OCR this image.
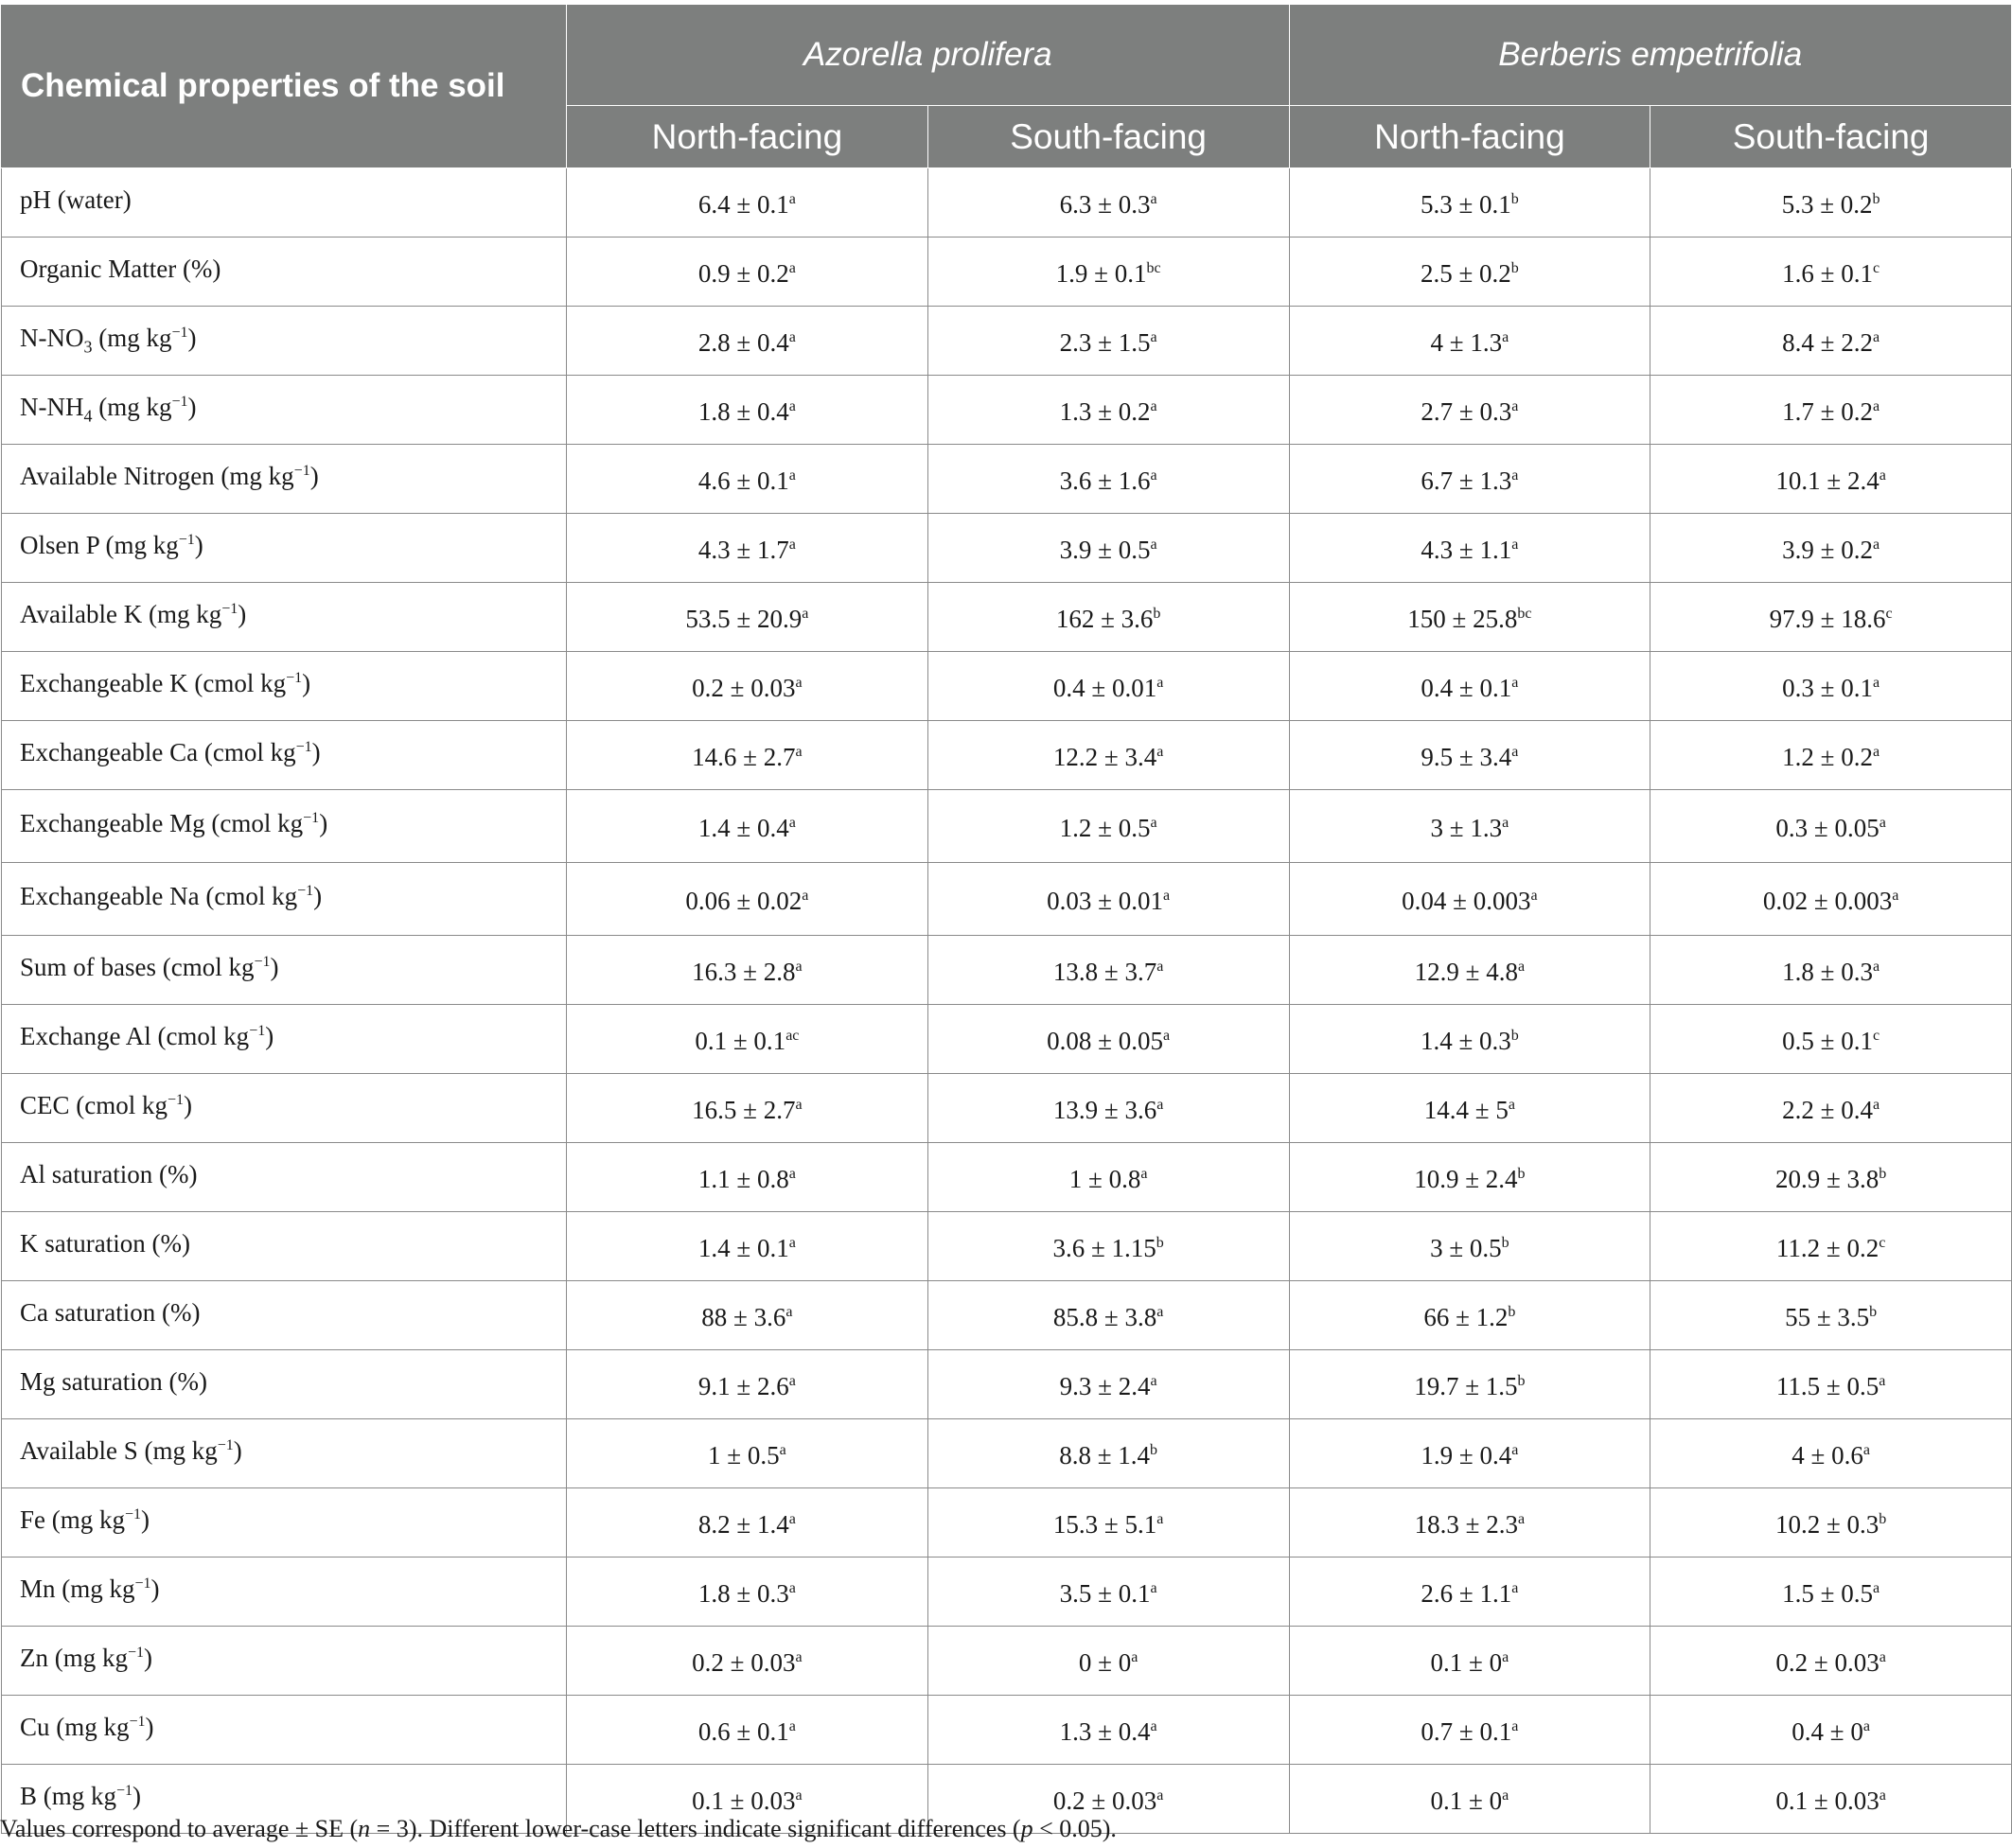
Chemical properties of the soil	Azorella prolifera		Berberis empetrifolia	
	North-facing	South-facing	North-facing	South-facing
pH (water)	6.4 ± 0.1$^a$	6.3 ± 0.3$^a$	5.3 ± 0.1$^b$	5.3 ± 0.2$^b$
Organic Matter (%)	0.9 ± 0.2$^a$	1.9 ± 0.1$^{bc}$	2.5 ± 0.2$^b$	1.6 ± 0.1$^c$
$N-NO_3$ (mg $kg^{-1}$)	2.8 ± 0.4$^a$	2.3 ± 1.5$^a$	4 ± 1.3$^a$	8.4 ± 2.2$^a$
$N-NH_4$ (mg $kg^{-1}$)	1.8 ± 0.4$^a$	1.3 ± 0.2$^a$	2.7 ± 0.3$^a$	1.7 ± 0.2$^a$
Available Nitrogen (mg $kg^{-1}$)	4.6 ± 0.1$^a$	3.6 ± 1.6$^a$	6.7 ± 1.3$^a$	10.1 ± 2.4$^a$
Olsen P (mg $kg^{-1}$)	4.3 ± 1.7$^a$	3.9 ± 0.5$^a$	4.3 ± 1.1$^a$	3.9 ± 0.2$^a$
Available K (mg $kg^{-1}$)	53.5 ± 20.9$^a$	162 ± 3.6$^b$	150 ± 25.8$^{bc}$	97.9 ± 18.6$^c$
Exchangeable K (cmol $kg^{-1}$)	0.2 ± 0.03$^a$	0.4 ± 0.01$^a$	0.4 ± 0.1$^a$	0.3 ± 0.1$^a$
Exchangeable Ca (cmol $kg^{-1}$)	14.6 ± 2.7$^a$	12.2 ± 3.4$^a$	9.5 ± 3.4$^a$	1.2 ± 0.2$^a$
Exchangeable Mg (cmol $kg^{-1}$)	1.4 ± 0.4$^a$	1.2 ± 0.5$^a$	3 ± 1.3$^a$	0.3 ± 0.05$^a$
Exchangeable Na (cmol $kg^{-1}$)	0.06 ± 0.02$^a$	0.03 ± 0.01$^a$	0.04 ± 0.003$^a$	0.02 ± 0.003$^a$
Sum of bases (cmol $kg^{-1}$)	16.3 ± 2.8$^a$	13.8 ± 3.7$^a$	12.9 ± 4.8$^a$	1.8 ± 0.3$^a$
Exchange Al (cmol $kg^{-1}$)	0.1 ± 0.1$^{ac}$	0.08 ± 0.05$^a$	1.4 ± 0.3$^b$	0.5 ± 0.1$^c$
CEC (cmol $kg^{-1}$)	16.5 ± 2.7$^a$	13.9 ± 3.6$^a$	$14.4 \pm 5^a$	2.2 ± 0.4$^a$
Al saturation (%)	1.1 ± 0.8$^a$	1 ± 0.8$^a$	10.9 ± 2.4$^b$	20.9 ± 3.8$^b$
K saturation (%)	1.4 ± 0.1$^a$	3.6 ± 1.15$^b$	3 ± 0.5$^b$	11.2 ± 0.2$^c$
Ca saturation (%)	88 ± 3.6$^a$	85.8 ± 3.8$^a$	66 ± 1.2$^b$	55 ± 3.5$^b$
Mg saturation (%)	9.1 ± 2.6$^a$	9.3 ± 2.4$^a$	19.7 ± 1.5$^b$	11.5 ± 0.5$^a$
Available S (mg $kg^{-1}$)	1 ± 0.5$^a$	8.8 ± 1.4$^b$	1.9 ± 0.4$^a$	4 ± 0.6$^a$
Fe (mg $kg^{-1}$)	8.2 ± 1.4$^a$	15.3 ± 5.1$^a$	18.3 ± 2.3$^a$	10.2 ± 0.3$^b$
Mn (mg $kg^{-1}$)	1.8 ± 0.3$^a$	3.5 ± 0.1$^a$	2.6 ± 1.1$^a$	1.5 ± 0.5$^a$
Zn (mg $kg^{-1}$)	0.2 ± 0.03$^a$	$0 \pm 0^a$	$0.1 \pm 0^a$	0.2 ± 0.03$^a$
Cu (mg $kg^{-1}$)	0.6 ± 0.1$^a$	1.3 ± 0.4$^a$	0.7 ± 0.1$^a$	$0.4 \pm 0^a$
B (mg $kg^{-1}$)	0.1 ± 0.03$^a$	0.2 ± 0.03$^a$	$0.1 \pm 0^a$	0.1 ± 0.03$^a$
Values correspond to average ± SE (n = 3). Different lower-case letters indicate significant differences (p < 0.05).
